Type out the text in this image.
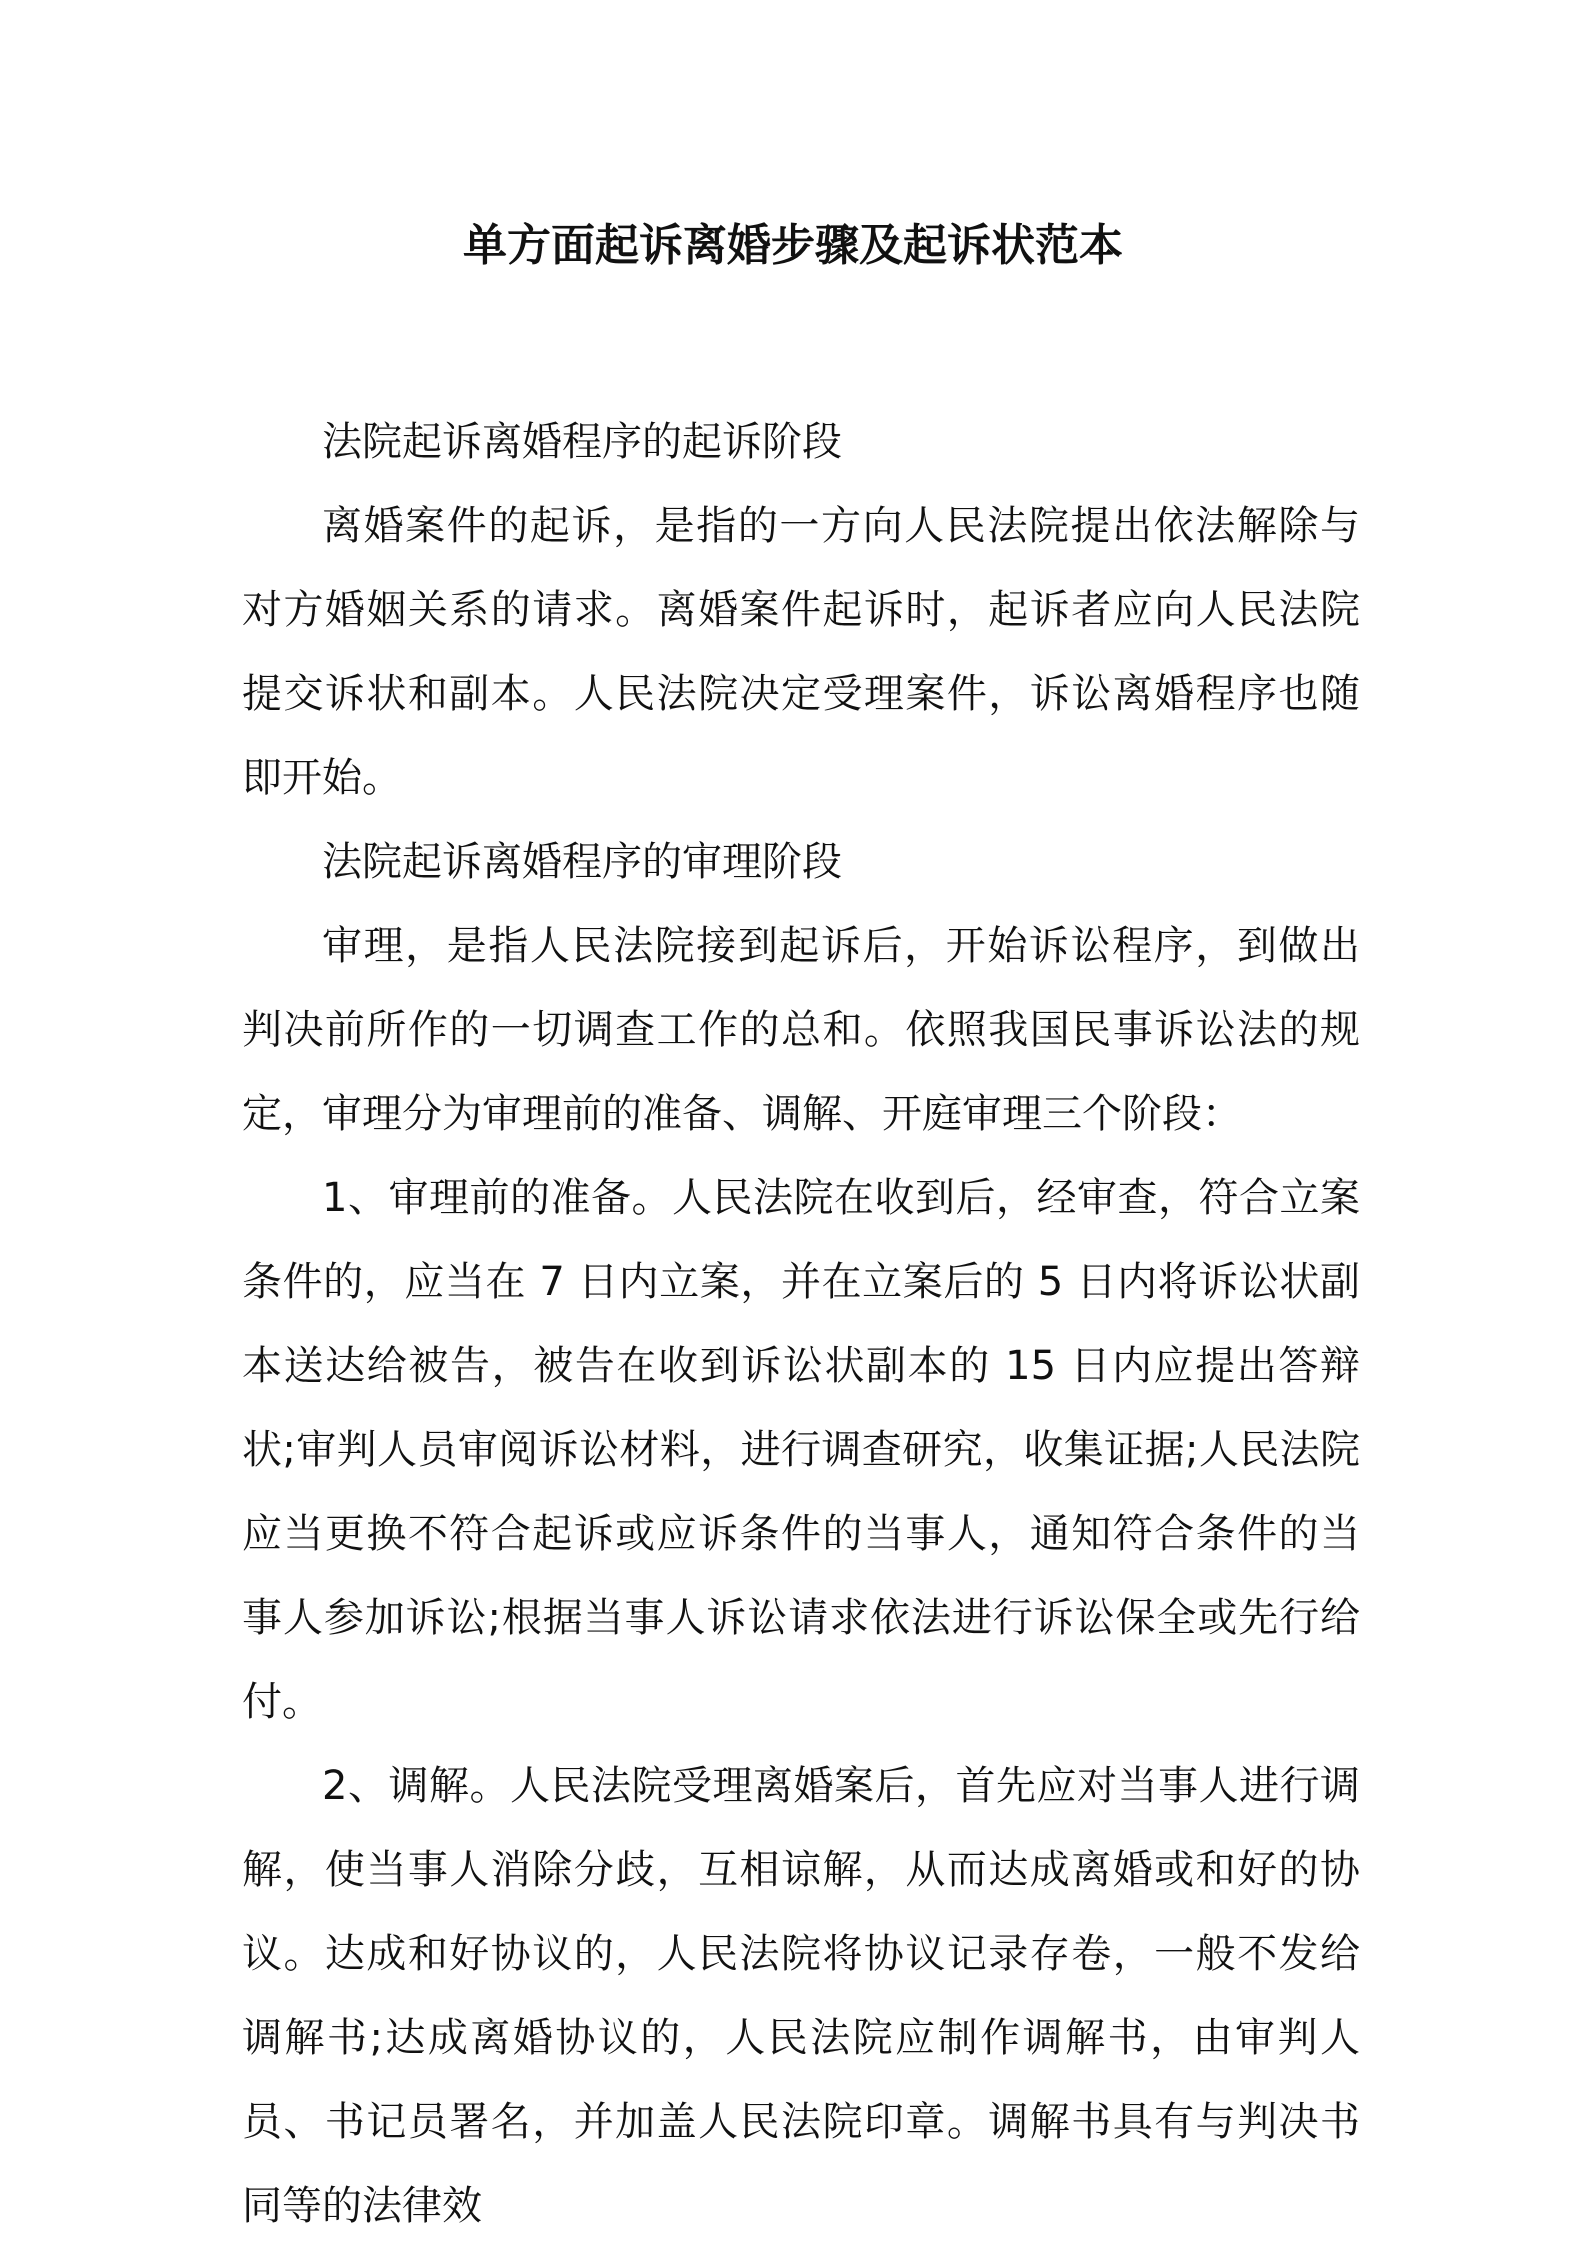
单方面起诉离婚步骤及起诉状范本

法院起诉离婚程序的起诉阶段

离婚案件的起诉，是指的一方向人民法院提出依法解除与对方婚姻关系的请求。离婚案件起诉时，起诉者应向人民法院提交诉状和副本。人民法院决定受理案件，诉讼离婚程序也随即开始。

法院起诉离婚程序的审理阶段

审理，是指人民法院接到起诉后，开始诉讼程序，到做出判决前所作的一切调查工作的总和。依照我国民事诉讼法的规定，审理分为审理前的准备、调解、开庭审理三个阶段：

1、审理前的准备。人民法院在收到后，经审查，符合立案条件的，应当在 7 日内立案，并在立案后的 5 日内将诉讼状副本送达给被告，被告在收到诉讼状副本的 15 日内应提出答辩状;审判人员审阅诉讼材料，进行调查研究，收集证据;人民法院应当更换不符合起诉或应诉条件的当事人，通知符合条件的当事人参加诉讼;根据当事人诉讼请求依法进行诉讼保全或先行给付。

2、调解。人民法院受理离婚案后，首先应对当事人进行调解，使当事人消除分歧，互相谅解，从而达成离婚或和好的协议。达成和好协议的，人民法院将协议记录存卷，一般不发给调解书;达成离婚协议的，人民法院应制作调解书，由审判人员、书记员署名，并加盖人民法院印章。调解书具有与判决书同等的法律效
